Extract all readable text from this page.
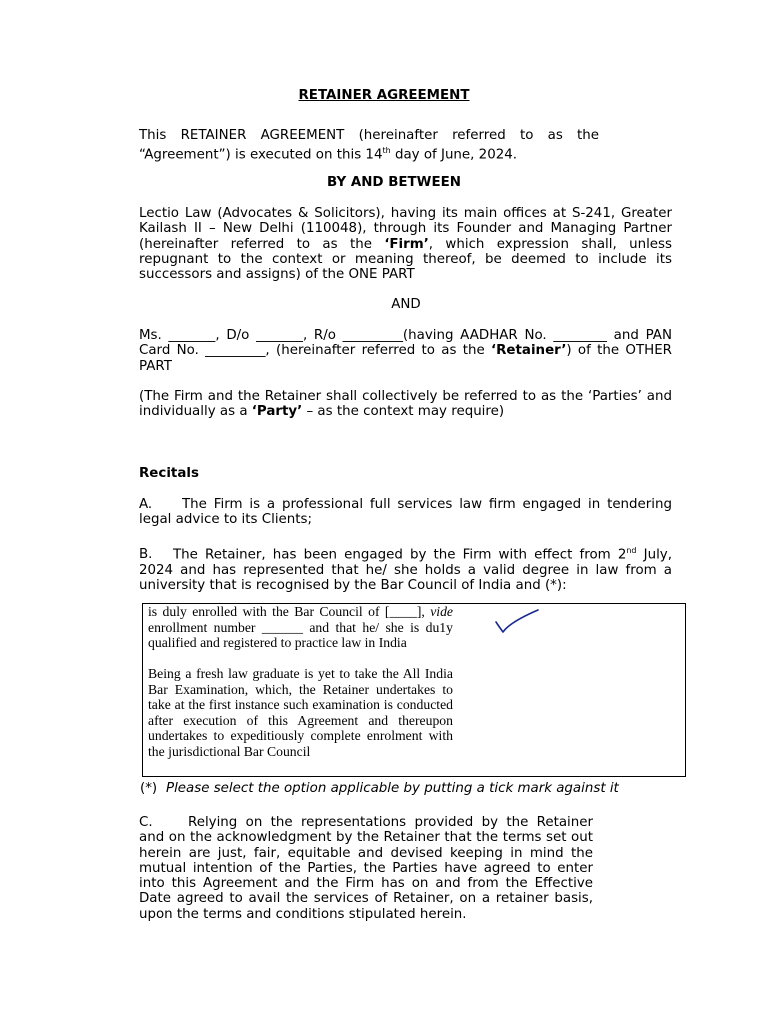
RETAINER AGREEMENT
This RETAINER AGREEMENT (hereinafter referred to as the
“Agreement”) is executed on this 14th day of June, 2024.
BY AND BETWEEN
Lectio Law (Advocates & Solicitors), having its main offices at S-241, Greater Kailash II – New Delhi (110048), through its Founder and Managing Partner (hereinafter referred to as the ‘Firm’, which expression shall, unless repugnant to the context or meaning thereof, be deemed to include its successors and assigns) of the ONE PART
AND
Ms. _______, D/o _______, R/o _________(having AADHAR No. ________ and PAN Card No. _________, (hereinafter referred to as the ‘Retainer’) of the OTHER PART
(The Firm and the Retainer shall collectively be referred to as the ‘Parties’ and individually as a ‘Party’ – as the context may require)
Recitals
A. The Firm is a professional full services law firm engaged in tendering legal advice to its Clients;
B. The Retainer, has been engaged by the Firm with effect from 2nd July, 2024 and has represented that he/ she holds a valid degree in law from a university that is recognised by the Bar Council of India and (*):
is duly enrolled with the Bar Council of [____], vide enrollment number ______ and that he/ she is du1y qualified and registered to practice law in India
Being a fresh law graduate is yet to take the All India Bar Examination, which, the Retainer undertakes to take at the first instance such examination is conducted after execution of this Agreement and thereupon undertakes to expeditiously complete enrolment with the jurisdictional Bar Council
(*) Please select the option applicable by putting a tick mark against it
C.	Relying on the representations provided by the Retainer and on the acknowledgment by the Retainer that the terms set out herein are just, fair, equitable and devised keeping in mind the mutual intention of the Parties, the Parties have agreed to enter into this Agreement and the Firm has on and from the Effective Date agreed to avail the services of Retainer, on a retainer basis, upon the terms and conditions stipulated herein.
